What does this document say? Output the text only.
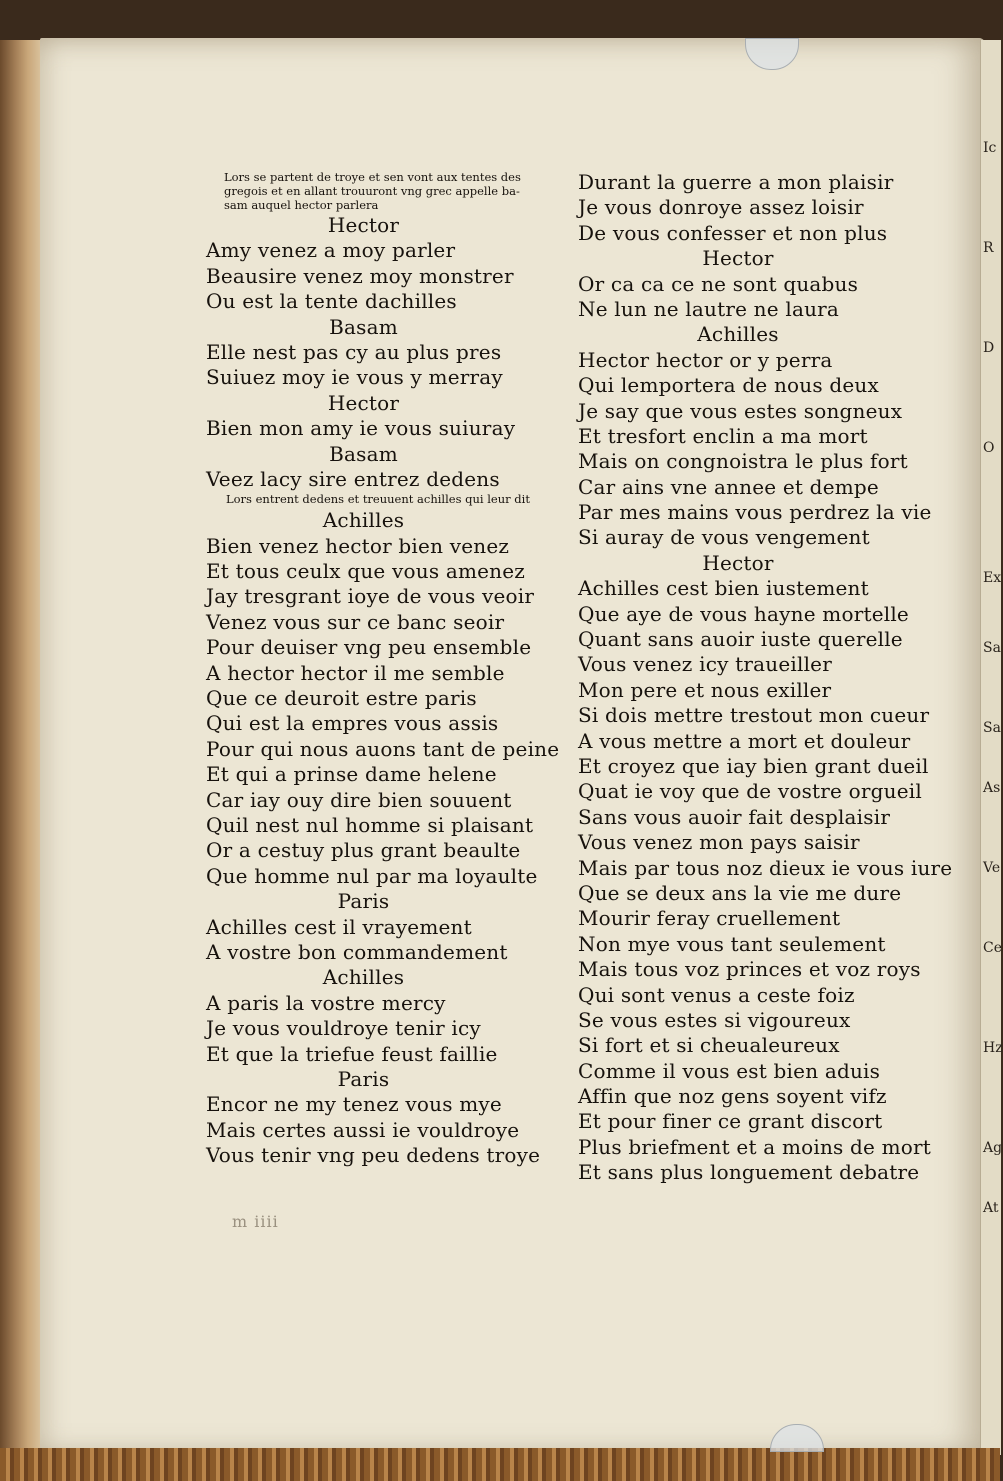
Ic
R
D
O
Ex
Sa
Sa
As
Ve
Ce
Hz
Ag
At
Lors se partent de troye et sen vont aux tentes des
gregois et en allant trouuront vng grec appelle ba-
sam auquel hector parlera
Hector
Amy venez a moy parler
Beausire venez moy monstrer
Ou est la tente dachilles
Basam
Elle nest pas cy au plus pres
Suiuez moy ie vous y merray
Hector
Bien mon amy ie vous suiuray
Basam
Veez lacy sire entrez dedens
Lors entrent dedens et treuuent achilles qui leur dit
Achilles
Bien venez hector bien venez
Et tous ceulx que vous amenez
Jay tresgrant ioye de vous veoir
Venez vous sur ce banc seoir
Pour deuiser vng peu ensemble
A hector hector il me semble
Que ce deuroit estre paris
Qui est la empres vous assis
Pour qui nous auons tant de peine
Et qui a prinse dame helene
Car iay ouy dire bien souuent
Quil nest nul homme si plaisant
Or a cestuy plus grant beaulte
Que homme nul par ma loyaulte
Paris
Achilles cest il vrayement
A vostre bon commandement
Achilles
A paris la vostre mercy
Je vous vouldroye tenir icy
Et que la triefue feust faillie
Paris
Encor ne my tenez vous mye
Mais certes aussi ie vouldroye
Vous tenir vng peu dedens troye
Durant la guerre a mon plaisir
Je vous donroye assez loisir
De vous confesser et non plus
Hector
Or ca ca ce ne sont quabus
Ne lun ne lautre ne laura
Achilles
Hector hector or y perra
Qui lemportera de nous deux
Je say que vous estes songneux
Et tresfort enclin a ma mort
Mais on congnoistra le plus fort
Car ains vne annee et dempe
Par mes mains vous perdrez la vie
Si auray de vous vengement
Hector
Achilles cest bien iustement
Que aye de vous hayne mortelle
Quant sans auoir iuste querelle
Vous venez icy traueiller
Mon pere et nous exiller
Si dois mettre trestout mon cueur
A vous mettre a mort et douleur
Et croyez que iay bien grant dueil
Quat ie voy que de vostre orgueil
Sans vous auoir fait desplaisir
Vous venez mon pays saisir
Mais par tous noz dieux ie vous iure
Que se deux ans la vie me dure
Mourir feray cruellement
Non mye vous tant seulement
Mais tous voz princes et voz roys
Qui sont venus a ceste foiz
Se vous estes si vigoureux
Si fort et si cheualeureux
Comme il vous est bien aduis
Affin que noz gens soyent vifz
Et pour finer ce grant discort
Plus briefment et a moins de mort
Et sans plus longuement debatre
m iiii
